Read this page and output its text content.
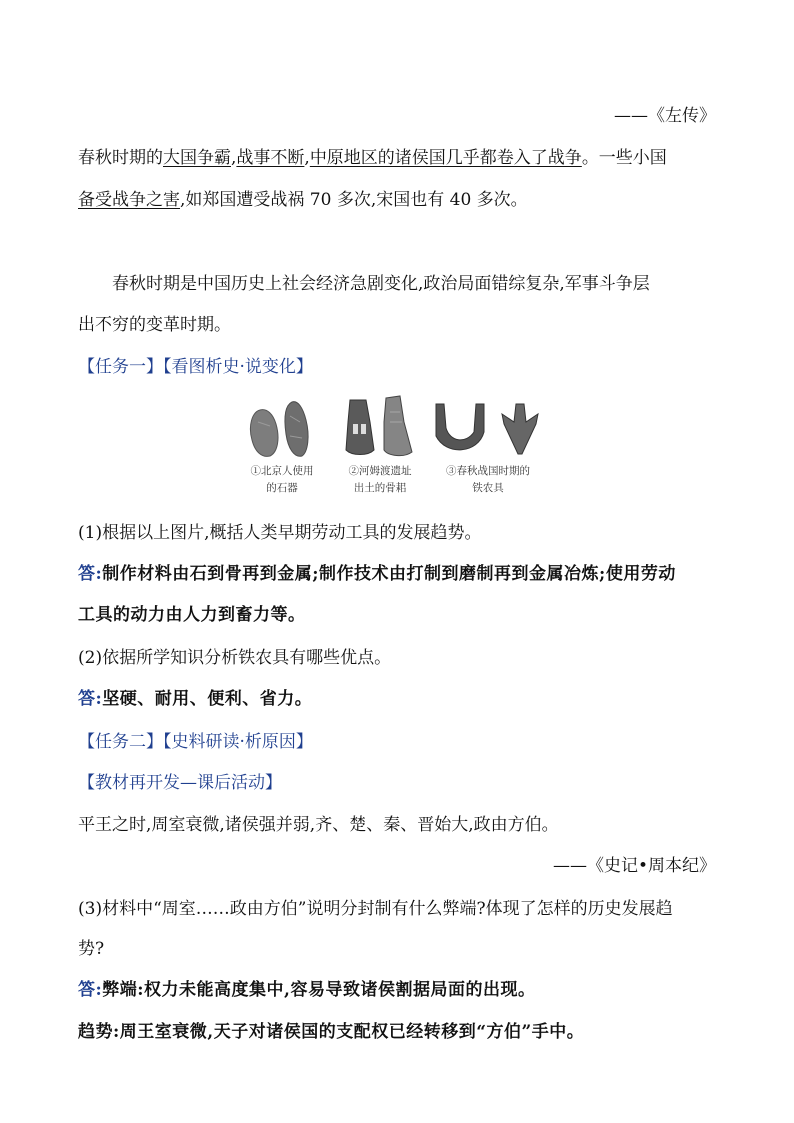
——《左传》
春秋时期的大国争霸,战事不断,中原地区的诸侯国几乎都卷入了战争。一些小国
备受战争之害,如郑国遭受战祸 70 多次,宋国也有 40 多次。
春秋时期是中国历史上社会经济急剧变化,政治局面错综复杂,军事斗争层
出不穷的变革时期。
【任务一】【看图析史·说变化】
①北京人使用
的石器
②河姆渡遗址
出土的骨耜
③春秋战国时期的
铁农具
(1)根据以上图片,概括人类早期劳动工具的发展趋势。
答:制作材料由石到骨再到金属;制作技术由打制到磨制再到金属冶炼;使用劳动
工具的动力由人力到畜力等。
(2)依据所学知识分析铁农具有哪些优点。
答:坚硬、耐用、便利、省力。
【任务二】【史料研读·析原因】
【教材再开发—课后活动】
平王之时,周室衰微,诸侯强并弱,齐、楚、秦、晋始大,政由方伯。
——《史记•周本纪》
(3)材料中“周室……政由方伯”说明分封制有什么弊端?体现了怎样的历史发展趋
势?
答:弊端:权力未能高度集中,容易导致诸侯割据局面的出现。
趋势:周王室衰微,天子对诸侯国的支配权已经转移到“方伯”手中。
